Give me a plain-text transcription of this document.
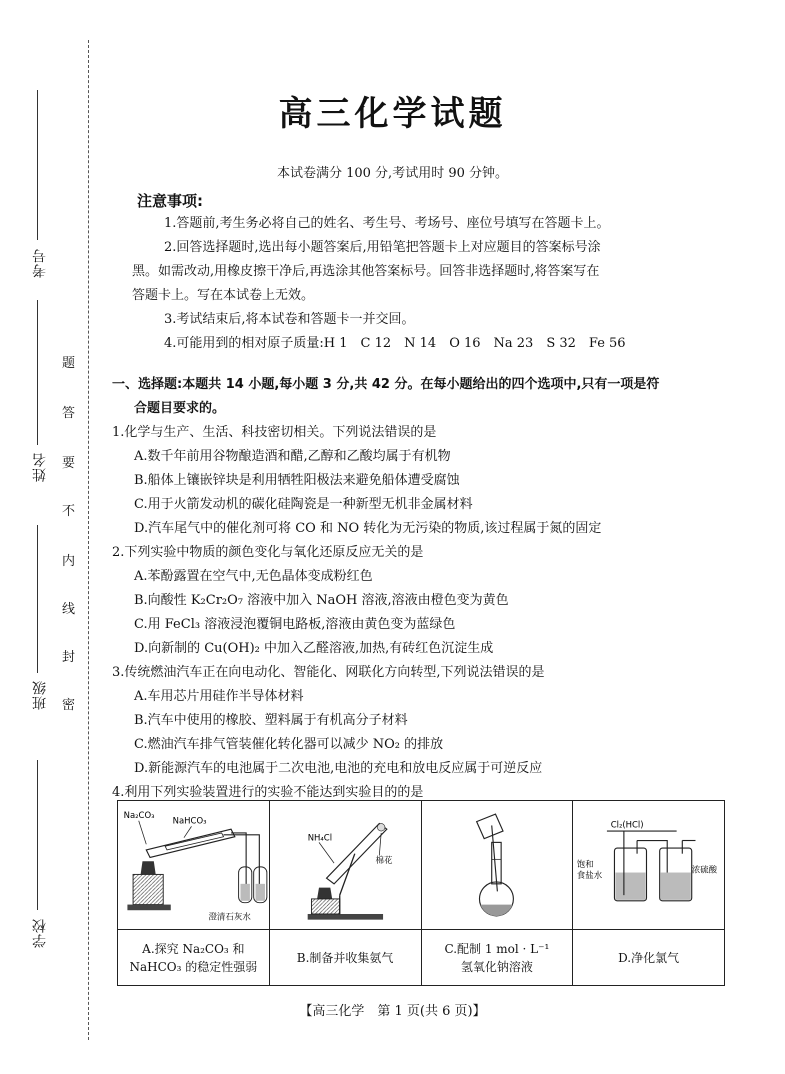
考号
姓名
班级
学校
题
答
要
不
内
线
封
密
高三化学试题
本试卷满分 100 分,考试用时 90 分钟。
注意事项:
1.答题前,考生务必将自己的姓名、考生号、考场号、座位号填写在答题卡上。
2.回答选择题时,选出每小题答案后,用铅笔把答题卡上对应题目的答案标号涂
黑。如需改动,用橡皮擦干净后,再选涂其他答案标号。回答非选择题时,将答案写在
答题卡上。写在本试卷上无效。
3.考试结束后,将本试卷和答题卡一并交回。
4.可能用到的相对原子质量:H 1　C 12　N 14　O 16　Na 23　S 32　Fe 56
一、选择题:本题共 14 小题,每小题 3 分,共 42 分。在每小题给出的四个选项中,只有一项是符
合题目要求的。
1.化学与生产、生活、科技密切相关。下列说法错误的是
A.数千年前用谷物酿造酒和醋,乙醇和乙酸均属于有机物
B.船体上镶嵌锌块是利用牺牲阳极法来避免船体遭受腐蚀
C.用于火箭发动机的碳化硅陶瓷是一种新型无机非金属材料
D.汽车尾气中的催化剂可将 CO 和 NO 转化为无污染的物质,该过程属于氮的固定
2.下列实验中物质的颜色变化与氧化还原反应无关的是
A.苯酚露置在空气中,无色晶体变成粉红色
B.向酸性 K₂Cr₂O₇ 溶液中加入 NaOH 溶液,溶液由橙色变为黄色
C.用 FeCl₃ 溶液浸泡覆铜电路板,溶液由黄色变为蓝绿色
D.向新制的 Cu(OH)₂ 中加入乙醛溶液,加热,有砖红色沉淀生成
3.传统燃油汽车正在向电动化、智能化、网联化方向转型,下列说法错误的是
A.车用芯片用硅作半导体材料
B.汽车中使用的橡胶、塑料属于有机高分子材料
C.燃油汽车排气管装催化转化器可以减少 NO₂ 的排放
D.新能源汽车的电池属于二次电池,电池的充电和放电反应属于可逆反应
4.利用下列实验装置进行的实验不能达到实验目的的是
Na₂CO₃
NaHCO₃
澄清石灰水
A.探究 Na₂CO₃ 和
NaHCO₃ 的稳定性强弱
NH₄Cl
棉花
B.制备并收集氨气
C.配制 1 mol · L⁻¹
氢氧化钠溶液
Cl₂(HCl)
饱和
食盐水
浓硫酸
D.净化氯气
【高三化学　第 1 页(共 6 页)】
